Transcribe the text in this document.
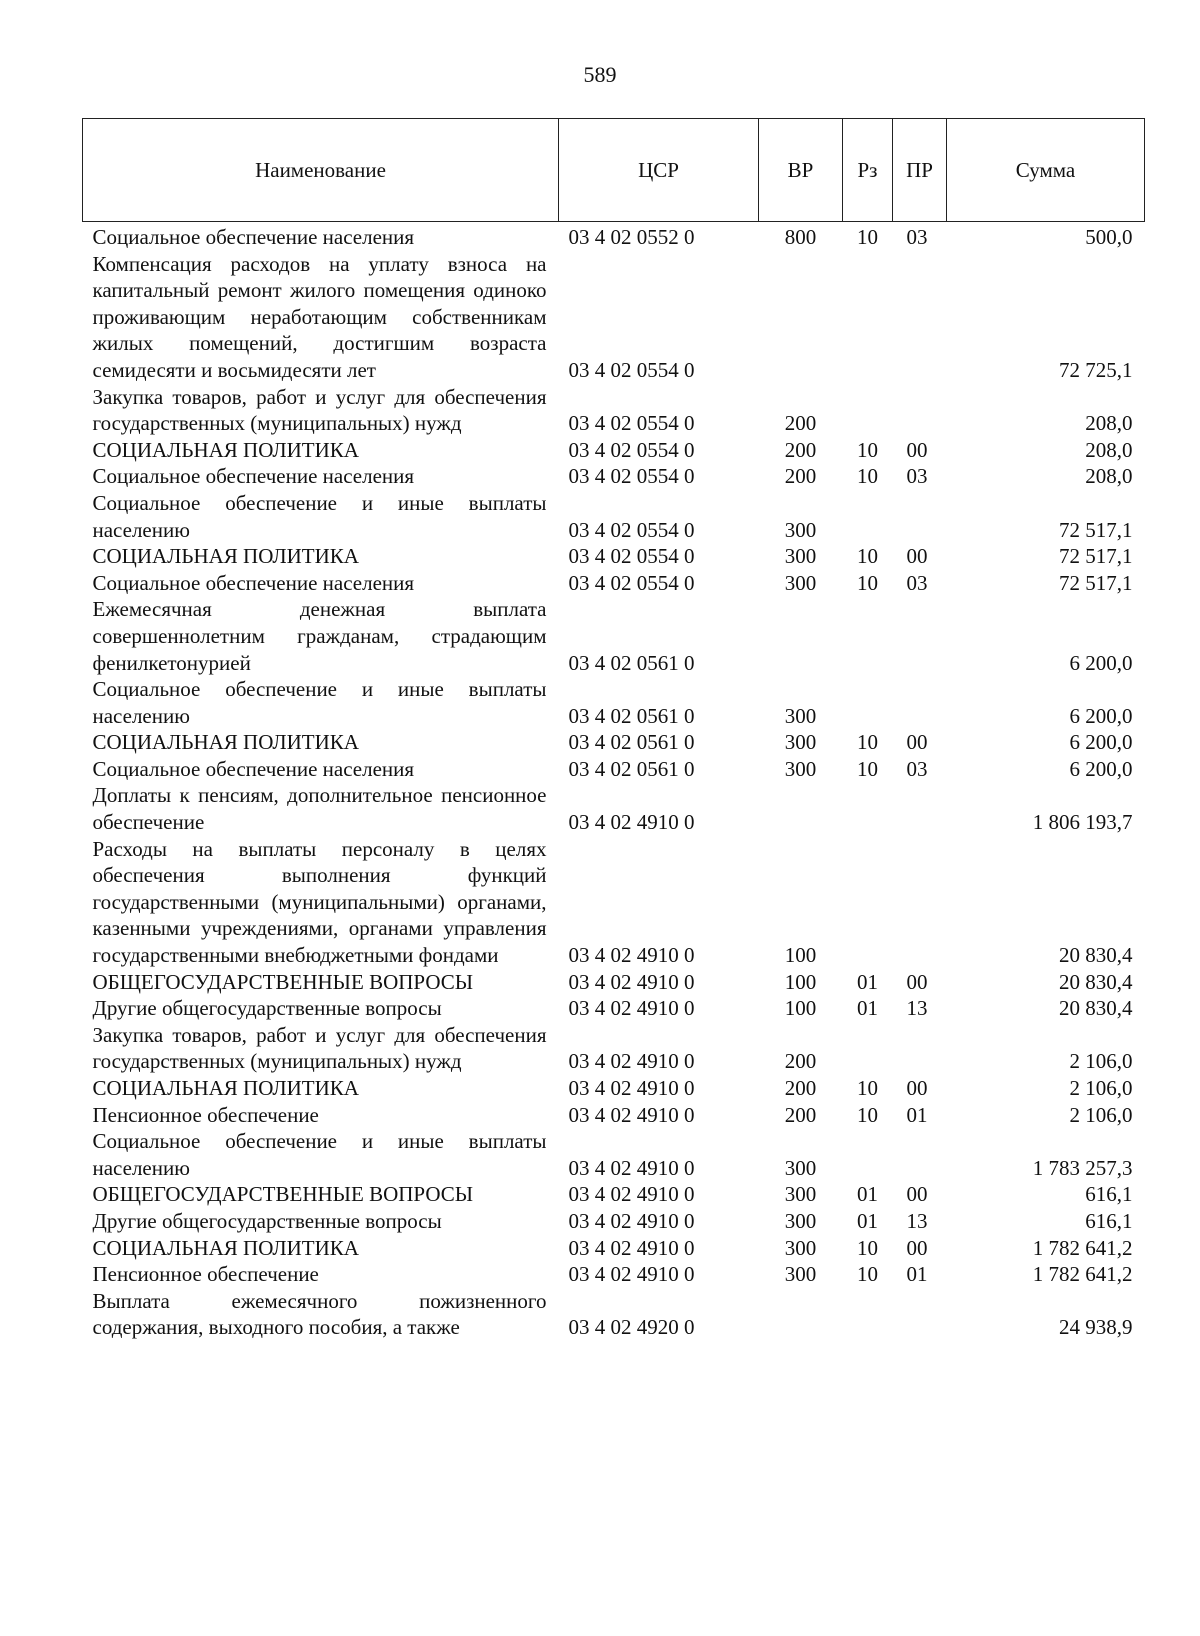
589
Наименование	ЦСР	ВР	Рз	ПР	Сумма
Социальное обеспечение населения	03 4 02 0552 0	800	10	03	500,0
Компенсация расходов на уплату взноса на капитальный ремонт жилого помещения одиноко проживающим неработающим собственникам жилых помещений, достигшим возраста семидесяти и восьмидесяти лет	03 4 02 0554 0				72 725,1
Закупка товаров, работ и услуг для обеспечения государственных (муниципальных) нужд	03 4 02 0554 0	200			208,0
СОЦИАЛЬНАЯ ПОЛИТИКА	03 4 02 0554 0	200	10	00	208,0
Социальное обеспечение населения	03 4 02 0554 0	200	10	03	208,0
Социальное обеспечение и иные выплаты населению	03 4 02 0554 0	300			72 517,1
СОЦИАЛЬНАЯ ПОЛИТИКА	03 4 02 0554 0	300	10	00	72 517,1
Социальное обеспечение населения	03 4 02 0554 0	300	10	03	72 517,1
Ежемесячная денежная выплата совершеннолетним гражданам, страдающим фенилкетонурией	03 4 02 0561 0				6 200,0
Социальное обеспечение и иные выплаты населению	03 4 02 0561 0	300			6 200,0
СОЦИАЛЬНАЯ ПОЛИТИКА	03 4 02 0561 0	300	10	00	6 200,0
Социальное обеспечение населения	03 4 02 0561 0	300	10	03	6 200,0
Доплаты к пенсиям, дополнительное пенсионное обеспечение	03 4 02 4910 0				1 806 193,7
Расходы на выплаты персоналу в целях обеспечения выполнения функций государственными (муниципальными) органами, казенными учреждениями, органами управления государственными внебюджетными фондами	03 4 02 4910 0	100			20 830,4
ОБЩЕГОСУДАРСТВЕННЫЕ ВОПРОСЫ	03 4 02 4910 0	100	01	00	20 830,4
Другие общегосударственные вопросы	03 4 02 4910 0	100	01	13	20 830,4
Закупка товаров, работ и услуг для обеспечения государственных (муниципальных) нужд	03 4 02 4910 0	200			2 106,0
СОЦИАЛЬНАЯ ПОЛИТИКА	03 4 02 4910 0	200	10	00	2 106,0
Пенсионное обеспечение	03 4 02 4910 0	200	10	01	2 106,0
Социальное обеспечение и иные выплаты населению	03 4 02 4910 0	300			1 783 257,3
ОБЩЕГОСУДАРСТВЕННЫЕ ВОПРОСЫ	03 4 02 4910 0	300	01	00	616,1
Другие общегосударственные вопросы	03 4 02 4910 0	300	01	13	616,1
СОЦИАЛЬНАЯ ПОЛИТИКА	03 4 02 4910 0	300	10	00	1 782 641,2
Пенсионное обеспечение	03 4 02 4910 0	300	10	01	1 782 641,2
Выплата ежемесячного пожизненного содержания, выходного пособия, а также	03 4 02 4920 0				24 938,9
